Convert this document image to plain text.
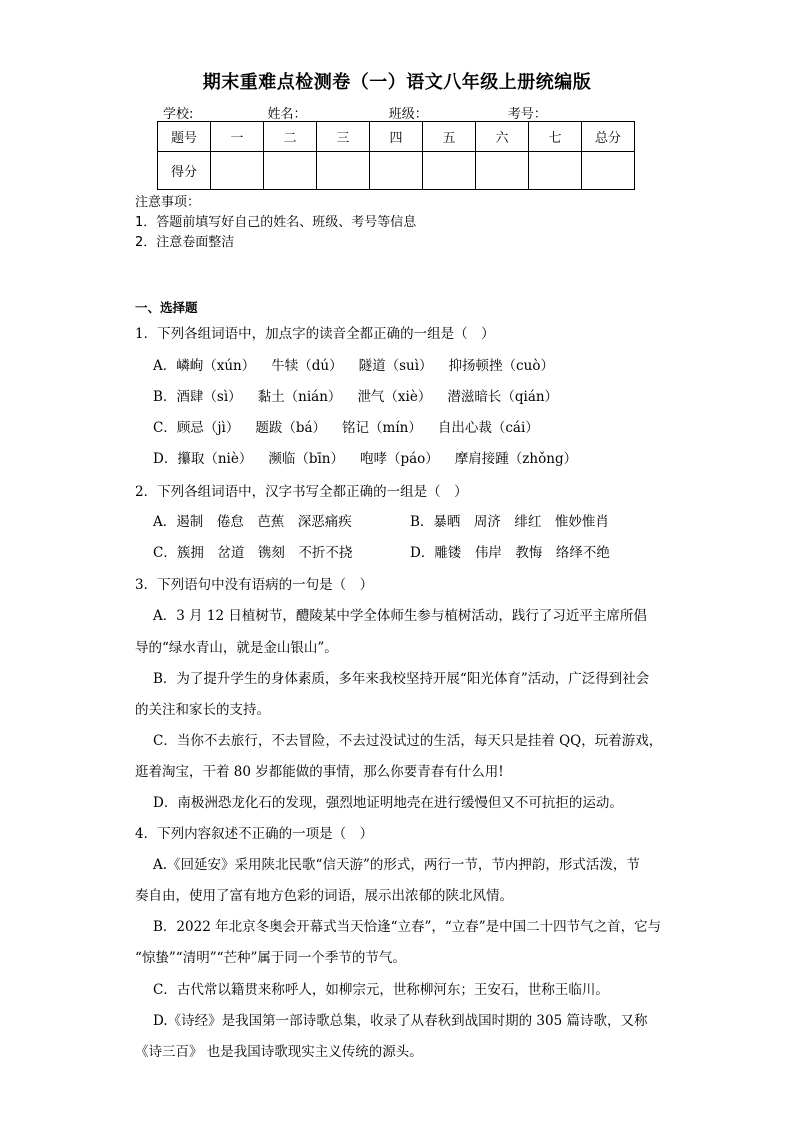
期末重难点检测卷（一）语文八年级上册统编版
学校:	姓名：	班级：	考号：
题号	一	二	三	四	五	六	七	总分
得分								
注意事项：
1．答题前填写好自己的姓名、班级、考号等信息
2．注意卷面整洁
一、选择题
1．下列各组词语中，加点字的读音全都正确的一组是（　）
A．嶙峋（xún） 牛犊（dú） 隧道（suì） 抑扬顿挫（cuò）
B．酒肆（sì） 黏土（nián） 泄气（xiè） 潜滋暗长（qián）
C．顾忌（jì） 题跋（bá） 铭记（mín） 自出心裁（cái）
D．攥取（niè） 濒临（bīn） 咆哮（páo） 摩肩接踵（zhǒng）
2．下列各组词语中，汉字书写全都正确的一组是（　）
A．遏制　倦怠　芭蕉　深恶痛疾	B．暴晒　周济　绯红　惟妙惟肖
C．簇拥　岔道　镌刻　不折不挠	D．雕镂　伟岸　教悔　络绎不绝
3．下列语句中没有语病的一句是（　）
A．3 月 12 日植树节，醴陵某中学全体师生参与植树活动，践行了习近平主席所倡
导的“绿水青山，就是金山银山”。
B．为了提升学生的身体素质，多年来我校坚持开展“阳光体育”活动，广泛得到社会
的关注和家长的支持。
C．当你不去旅行，不去冒险，不去过没试过的生活，每天只是挂着 QQ，玩着游戏，
逛着淘宝，干着 80 岁都能做的事情，那么你要青春有什么用!
D．南极洲恐龙化石的发现，强烈地证明地壳在进行缓慢但又不可抗拒的运动。
4．下列内容叙述不正确的一项是（　）
A.《回延安》采用陕北民歌“信天游”的形式，两行一节，节内押韵，形式活泼，节
奏自由，使用了富有地方色彩的词语，展示出浓郁的陕北风情。
B．2022 年北京冬奥会开幕式当天恰逢“立春”，“立春”是中国二十四节气之首，它与
“惊蛰”“清明”“芒种”属于同一个季节的节气。
C．古代常以籍贯来称呼人，如柳宗元，世称柳河东；王安石，世称王临川。
D.《诗经》是我国第一部诗歌总集，收录了从春秋到战国时期的 305 篇诗歌，又称
《诗三百》 也是我国诗歌现实主义传统的源头。
